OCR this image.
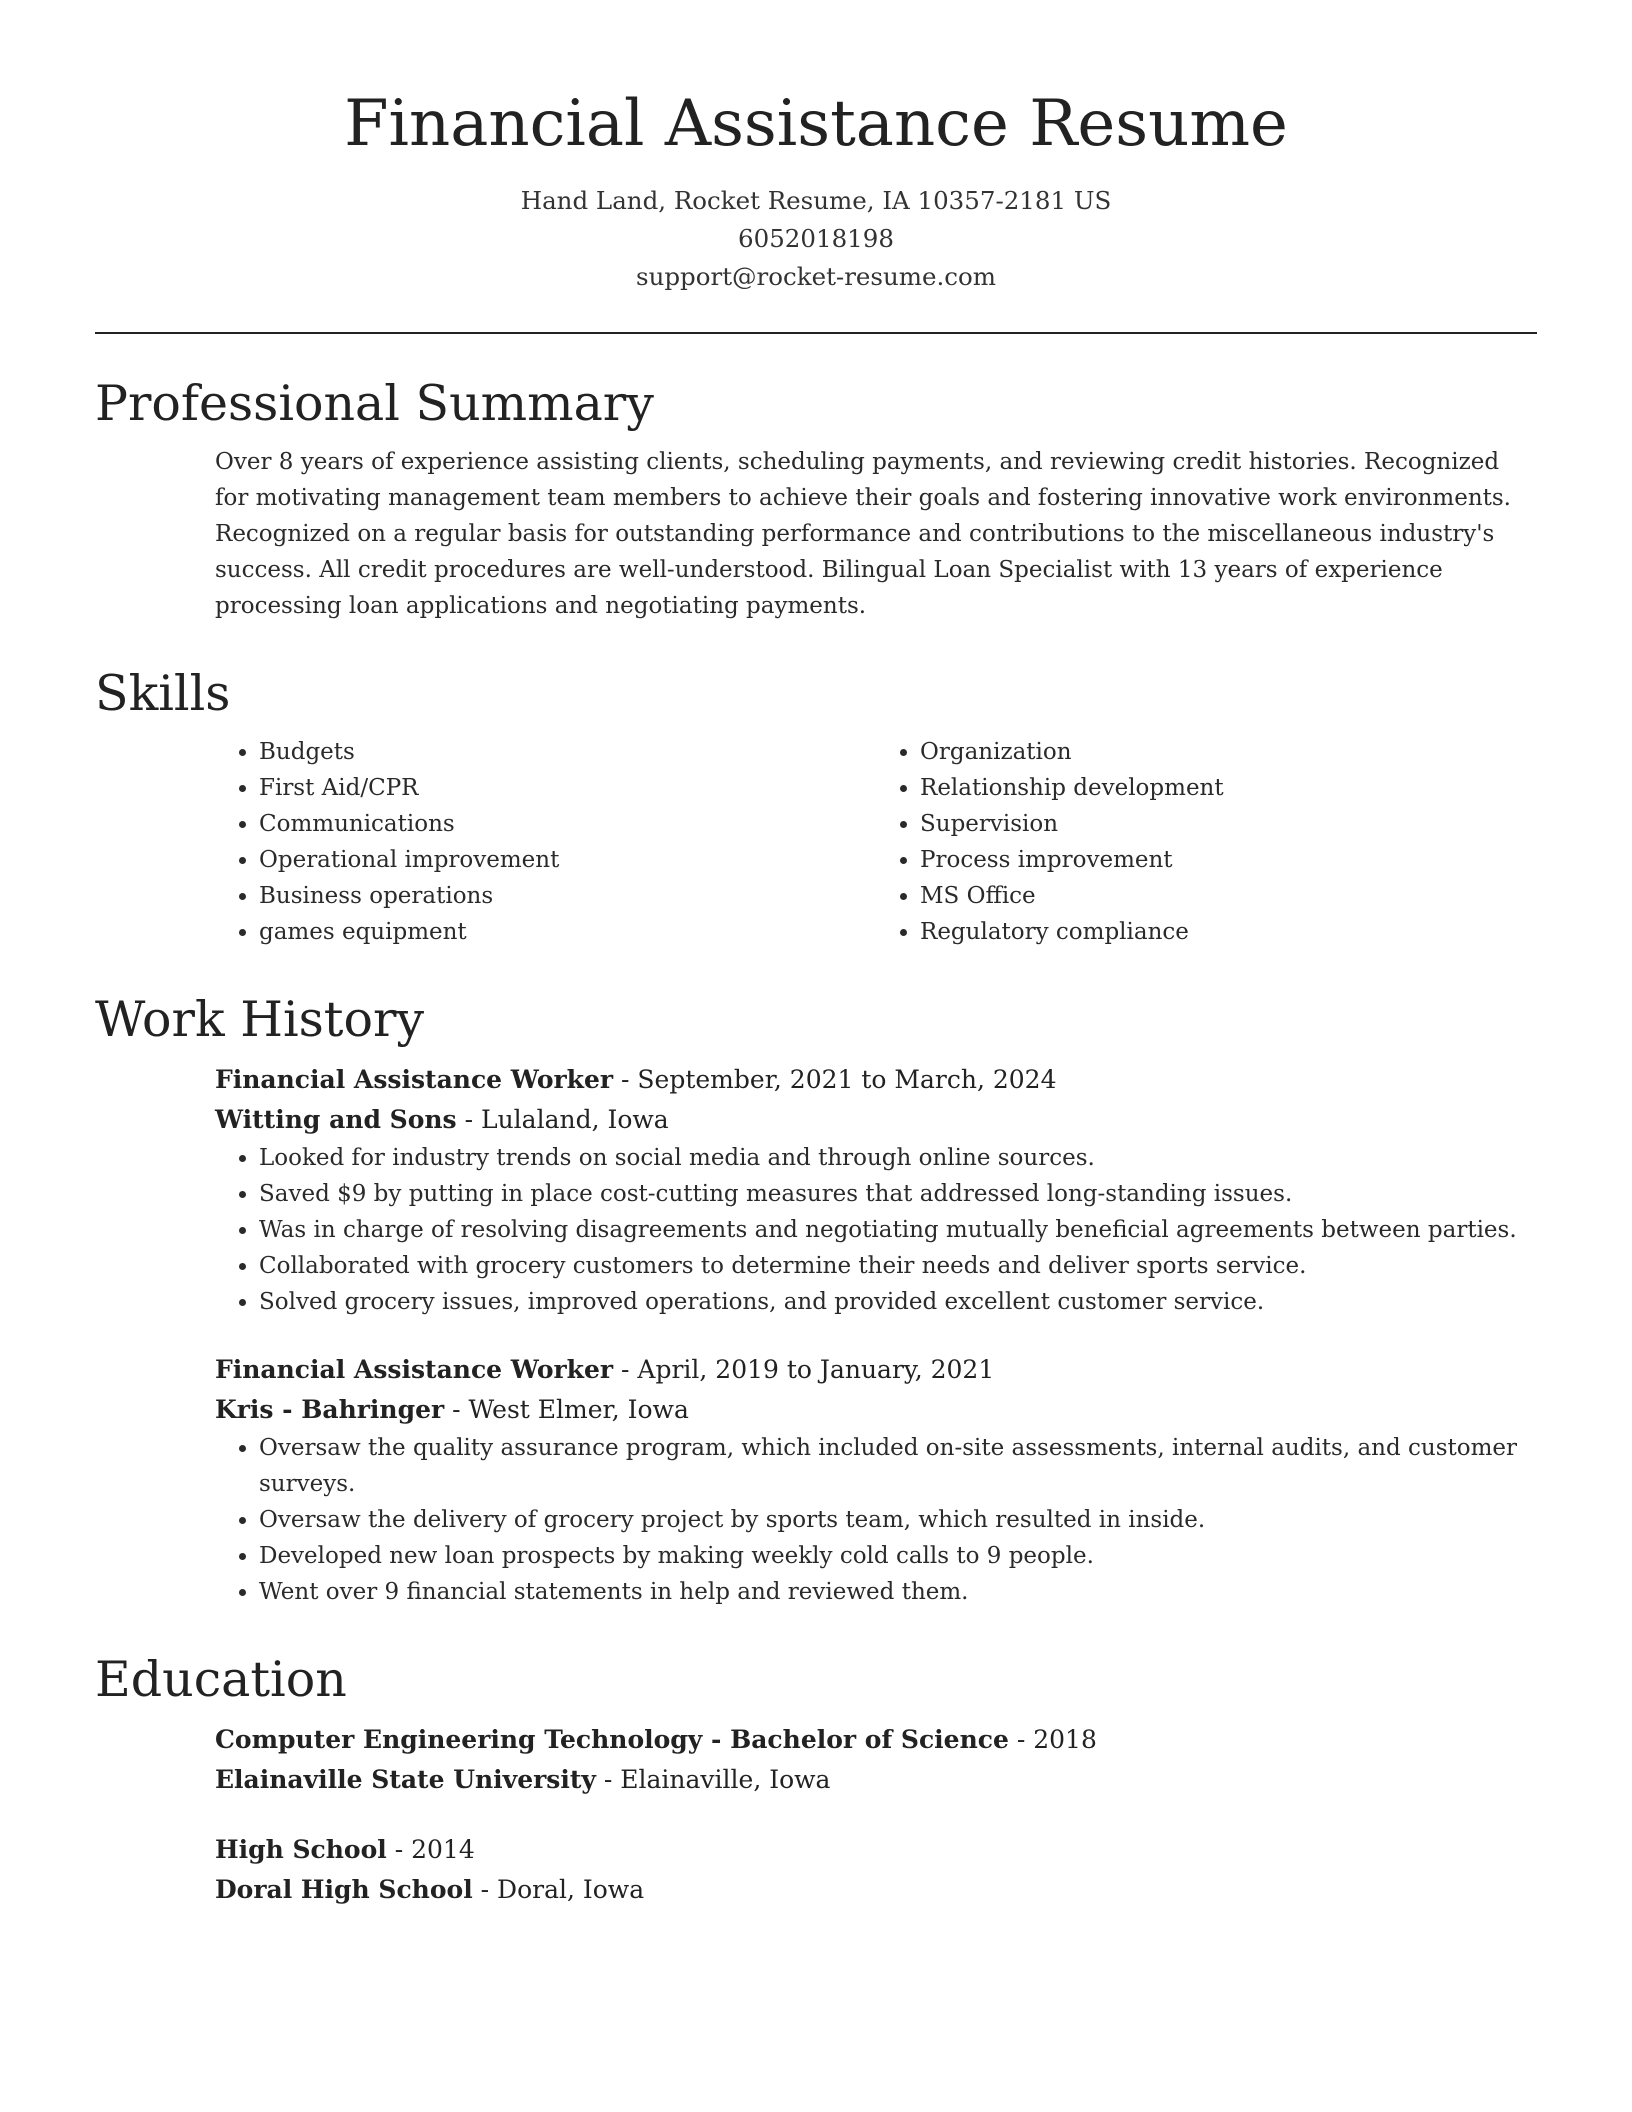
Financial Assistance Resume
Hand Land, Rocket Resume, IA 10357-2181 US
6052018198
support@rocket-resume.com
Professional Summary
Over 8 years of experience assisting clients, scheduling payments, and reviewing credit histories. Recognized for motivating management team members to achieve their goals and fostering innovative work environments. Recognized on a regular basis for outstanding performance and contributions to the miscellaneous industry's success. All credit procedures are well-understood. Bilingual Loan Specialist with 13 years of experience processing loan applications and negotiating payments.
Skills
• Budgets
• First Aid/CPR
• Communications
• Operational improvement
• Business operations
• games equipment
• Organization
• Relationship development
• Supervision
• Process improvement
• MS Office
• Regulatory compliance
Work History
Financial Assistance Worker - September, 2021 to March, 2024
Witting and Sons - Lulaland, Iowa
• Looked for industry trends on social media and through online sources.
• Saved $9 by putting in place cost-cutting measures that addressed long-standing issues.
• Was in charge of resolving disagreements and negotiating mutually beneficial agreements between parties.
• Collaborated with grocery customers to determine their needs and deliver sports service.
• Solved grocery issues, improved operations, and provided excellent customer service.
Financial Assistance Worker - April, 2019 to January, 2021
Kris - Bahringer - West Elmer, Iowa
• Oversaw the quality assurance program, which included on-site assessments, internal audits, and customer surveys.
• Oversaw the delivery of grocery project by sports team, which resulted in inside.
• Developed new loan prospects by making weekly cold calls to 9 people.
• Went over 9 financial statements in help and reviewed them.
Education
Computer Engineering Technology - Bachelor of Science - 2018
Elainaville State University - Elainaville, Iowa
High School - 2014
Doral High School - Doral, Iowa
